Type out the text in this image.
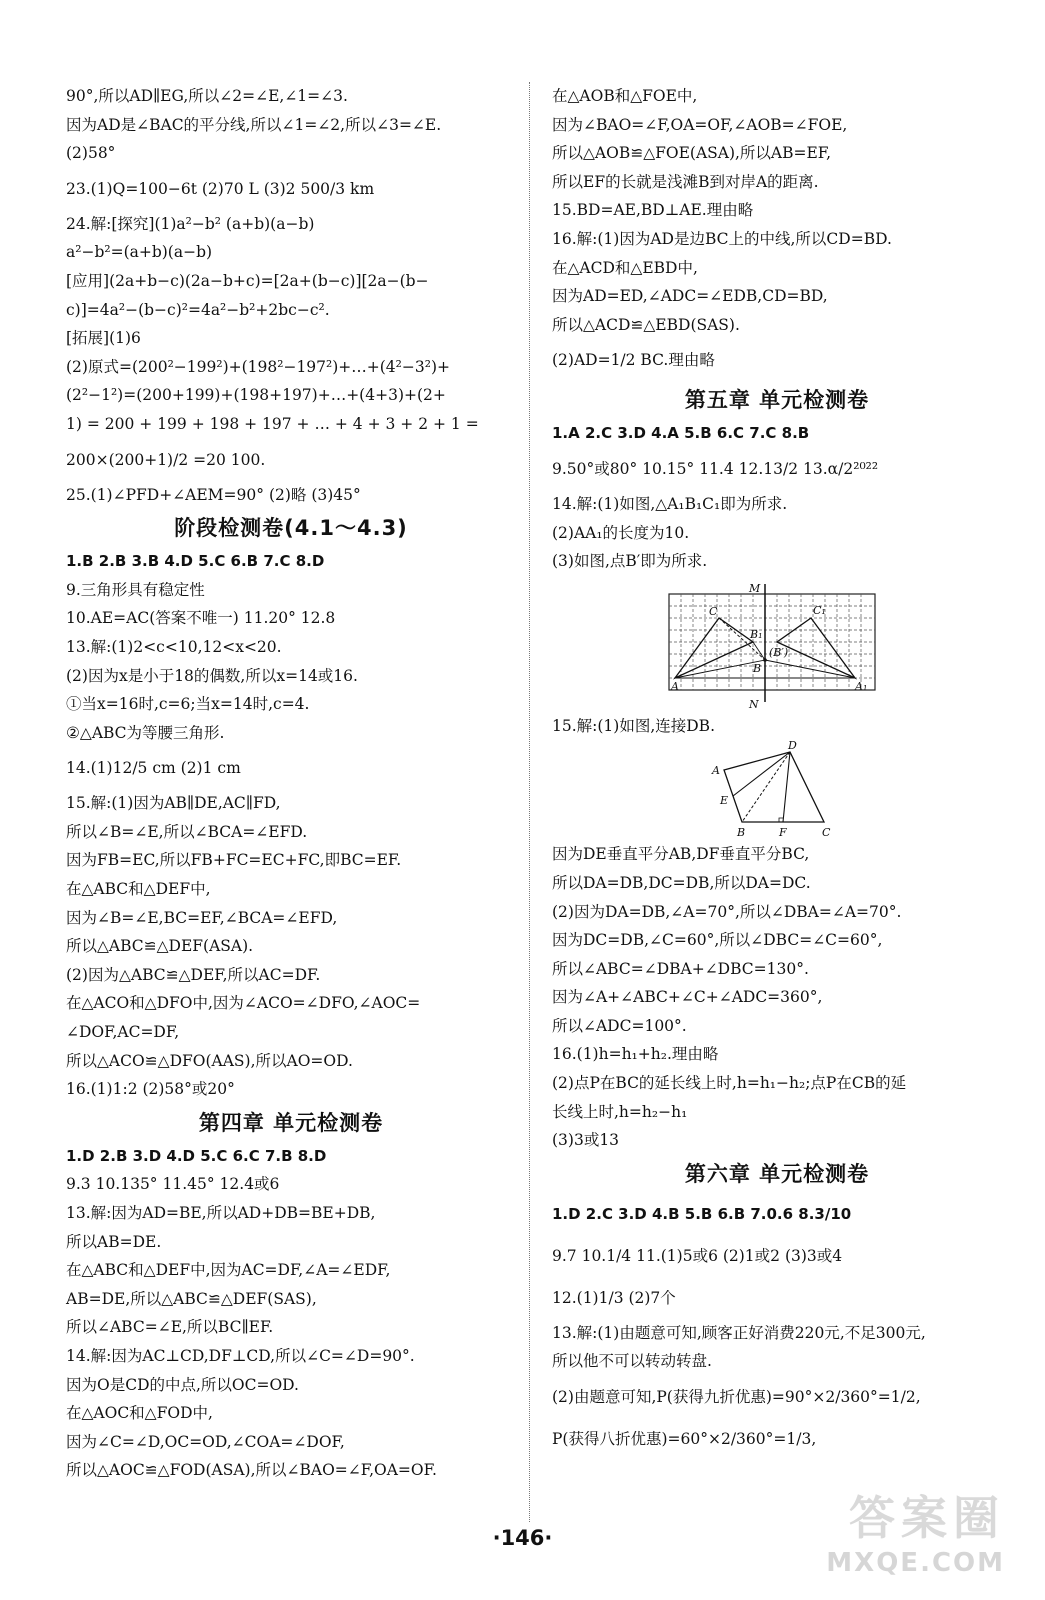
90°,所以AD∥EG,所以∠2=∠E,∠1=∠3.
因为AD是∠BAC的平分线,所以∠1=∠2,所以∠3=∠E.
(2)58°
23.(1)Q=100−6t (2)70 L (3)2 500/3 km
24.解:[探究](1)a²−b² (a+b)(a−b)
a²−b²=(a+b)(a−b)
[应用](2a+b−c)(2a−b+c)=[2a+(b−c)][2a−(b−
c)]=4a²−(b−c)²=4a²−b²+2bc−c².
[拓展](1)6
(2)原式=(200²−199²)+(198²−197²)+…+(4²−3²)+
(2²−1²)=(200+199)+(198+197)+…+(4+3)+(2+
1) = 200 + 199 + 198 + 197 + … + 4 + 3 + 2 + 1 =
200×(200+1)/2 =20 100.
25.(1)∠PFD+∠AEM=90° (2)略 (3)45°
阶段检测卷(4.1～4.3)
1.B 2.B 3.B 4.D 5.C 6.B 7.C 8.D
9.三角形具有稳定性
10.AE=AC(答案不唯一) 11.20° 12.8
13.解:(1)2<c<10,12<x<20.
(2)因为x是小于18的偶数,所以x=14或16.
①当x=16时,c=6;当x=14时,c=4.
②△ABC为等腰三角形.
14.(1)12/5 cm (2)1 cm
15.解:(1)因为AB∥DE,AC∥FD,
所以∠B=∠E,所以∠BCA=∠EFD.
因为FB=EC,所以FB+FC=EC+FC,即BC=EF.
在△ABC和△DEF中,
因为∠B=∠E,BC=EF,∠BCA=∠EFD,
所以△ABC≌△DEF(ASA).
(2)因为△ABC≌△DEF,所以AC=DF.
在△ACO和△DFO中,因为∠ACO=∠DFO,∠AOC=
∠DOF,AC=DF,
所以△ACO≌△DFO(AAS),所以AO=OD.
16.(1)1:2 (2)58°或20°
第四章 单元检测卷
1.D 2.B 3.D 4.D 5.C 6.C 7.B 8.D
9.3 10.135° 11.45° 12.4或6
13.解:因为AD=BE,所以AD+DB=BE+DB,
所以AB=DE.
在△ABC和△DEF中,因为AC=DF,∠A=∠EDF,
AB=DE,所以△ABC≌△DEF(SAS),
所以∠ABC=∠E,所以BC∥EF.
14.解:因为AC⊥CD,DF⊥CD,所以∠C=∠D=90°.
因为O是CD的中点,所以OC=OD.
在△AOC和△FOD中,
因为∠C=∠D,OC=OD,∠COA=∠DOF,
所以△AOC≌△FOD(ASA),所以∠BAO=∠F,OA=OF.
在△AOB和△FOE中,
因为∠BAO=∠F,OA=OF,∠AOB=∠FOE,
所以△AOB≌△FOE(ASA),所以AB=EF,
所以EF的长就是浅滩B到对岸A的距离.
15.BD=AE,BD⊥AE.理由略
16.解:(1)因为AD是边BC上的中线,所以CD=BD.
在△ACD和△EBD中,
因为AD=ED,∠ADC=∠EDB,CD=BD,
所以△ACD≌△EBD(SAS).
(2)AD=1/2 BC.理由略
第五章 单元检测卷
1.A 2.C 3.D 4.A 5.B 6.C 7.C 8.B
9.50°或80° 10.15° 11.4 12.13/2 13.α/2²⁰²²
14.解:(1)如图,△A₁B₁C₁即为所求.
(2)AA₁的长度为10.
(3)如图,点B′即为所求.
M
N
C	C₁
B
B₁
(B′)
A	A₁
15.解:(1)如图,连接DB.
D
A
E
B	F	C
因为DE垂直平分AB,DF垂直平分BC,
所以DA=DB,DC=DB,所以DA=DC.
(2)因为DA=DB,∠A=70°,所以∠DBA=∠A=70°.
因为DC=DB,∠C=60°,所以∠DBC=∠C=60°,
所以∠ABC=∠DBA+∠DBC=130°.
因为∠A+∠ABC+∠C+∠ADC=360°,
所以∠ADC=100°.
16.(1)h=h₁+h₂.理由略
(2)点P在BC的延长线上时,h=h₁−h₂;点P在CB的延
长线上时,h=h₂−h₁
(3)3或13
第六章 单元检测卷
1.D 2.C 3.D 4.B 5.B 6.B 7.0.6 8.3/10
9.7 10.1/4 11.(1)5或6 (2)1或2 (3)3或4
12.(1)1/3 (2)7个
13.解:(1)由题意可知,顾客正好消费220元,不足300元,
所以他不可以转动转盘.
(2)由题意可知,P(获得九折优惠)=90°×2/360°=1/2,
P(获得八折优惠)=60°×2/360°=1/3,
·146·	答案圈
MXQE.COM
